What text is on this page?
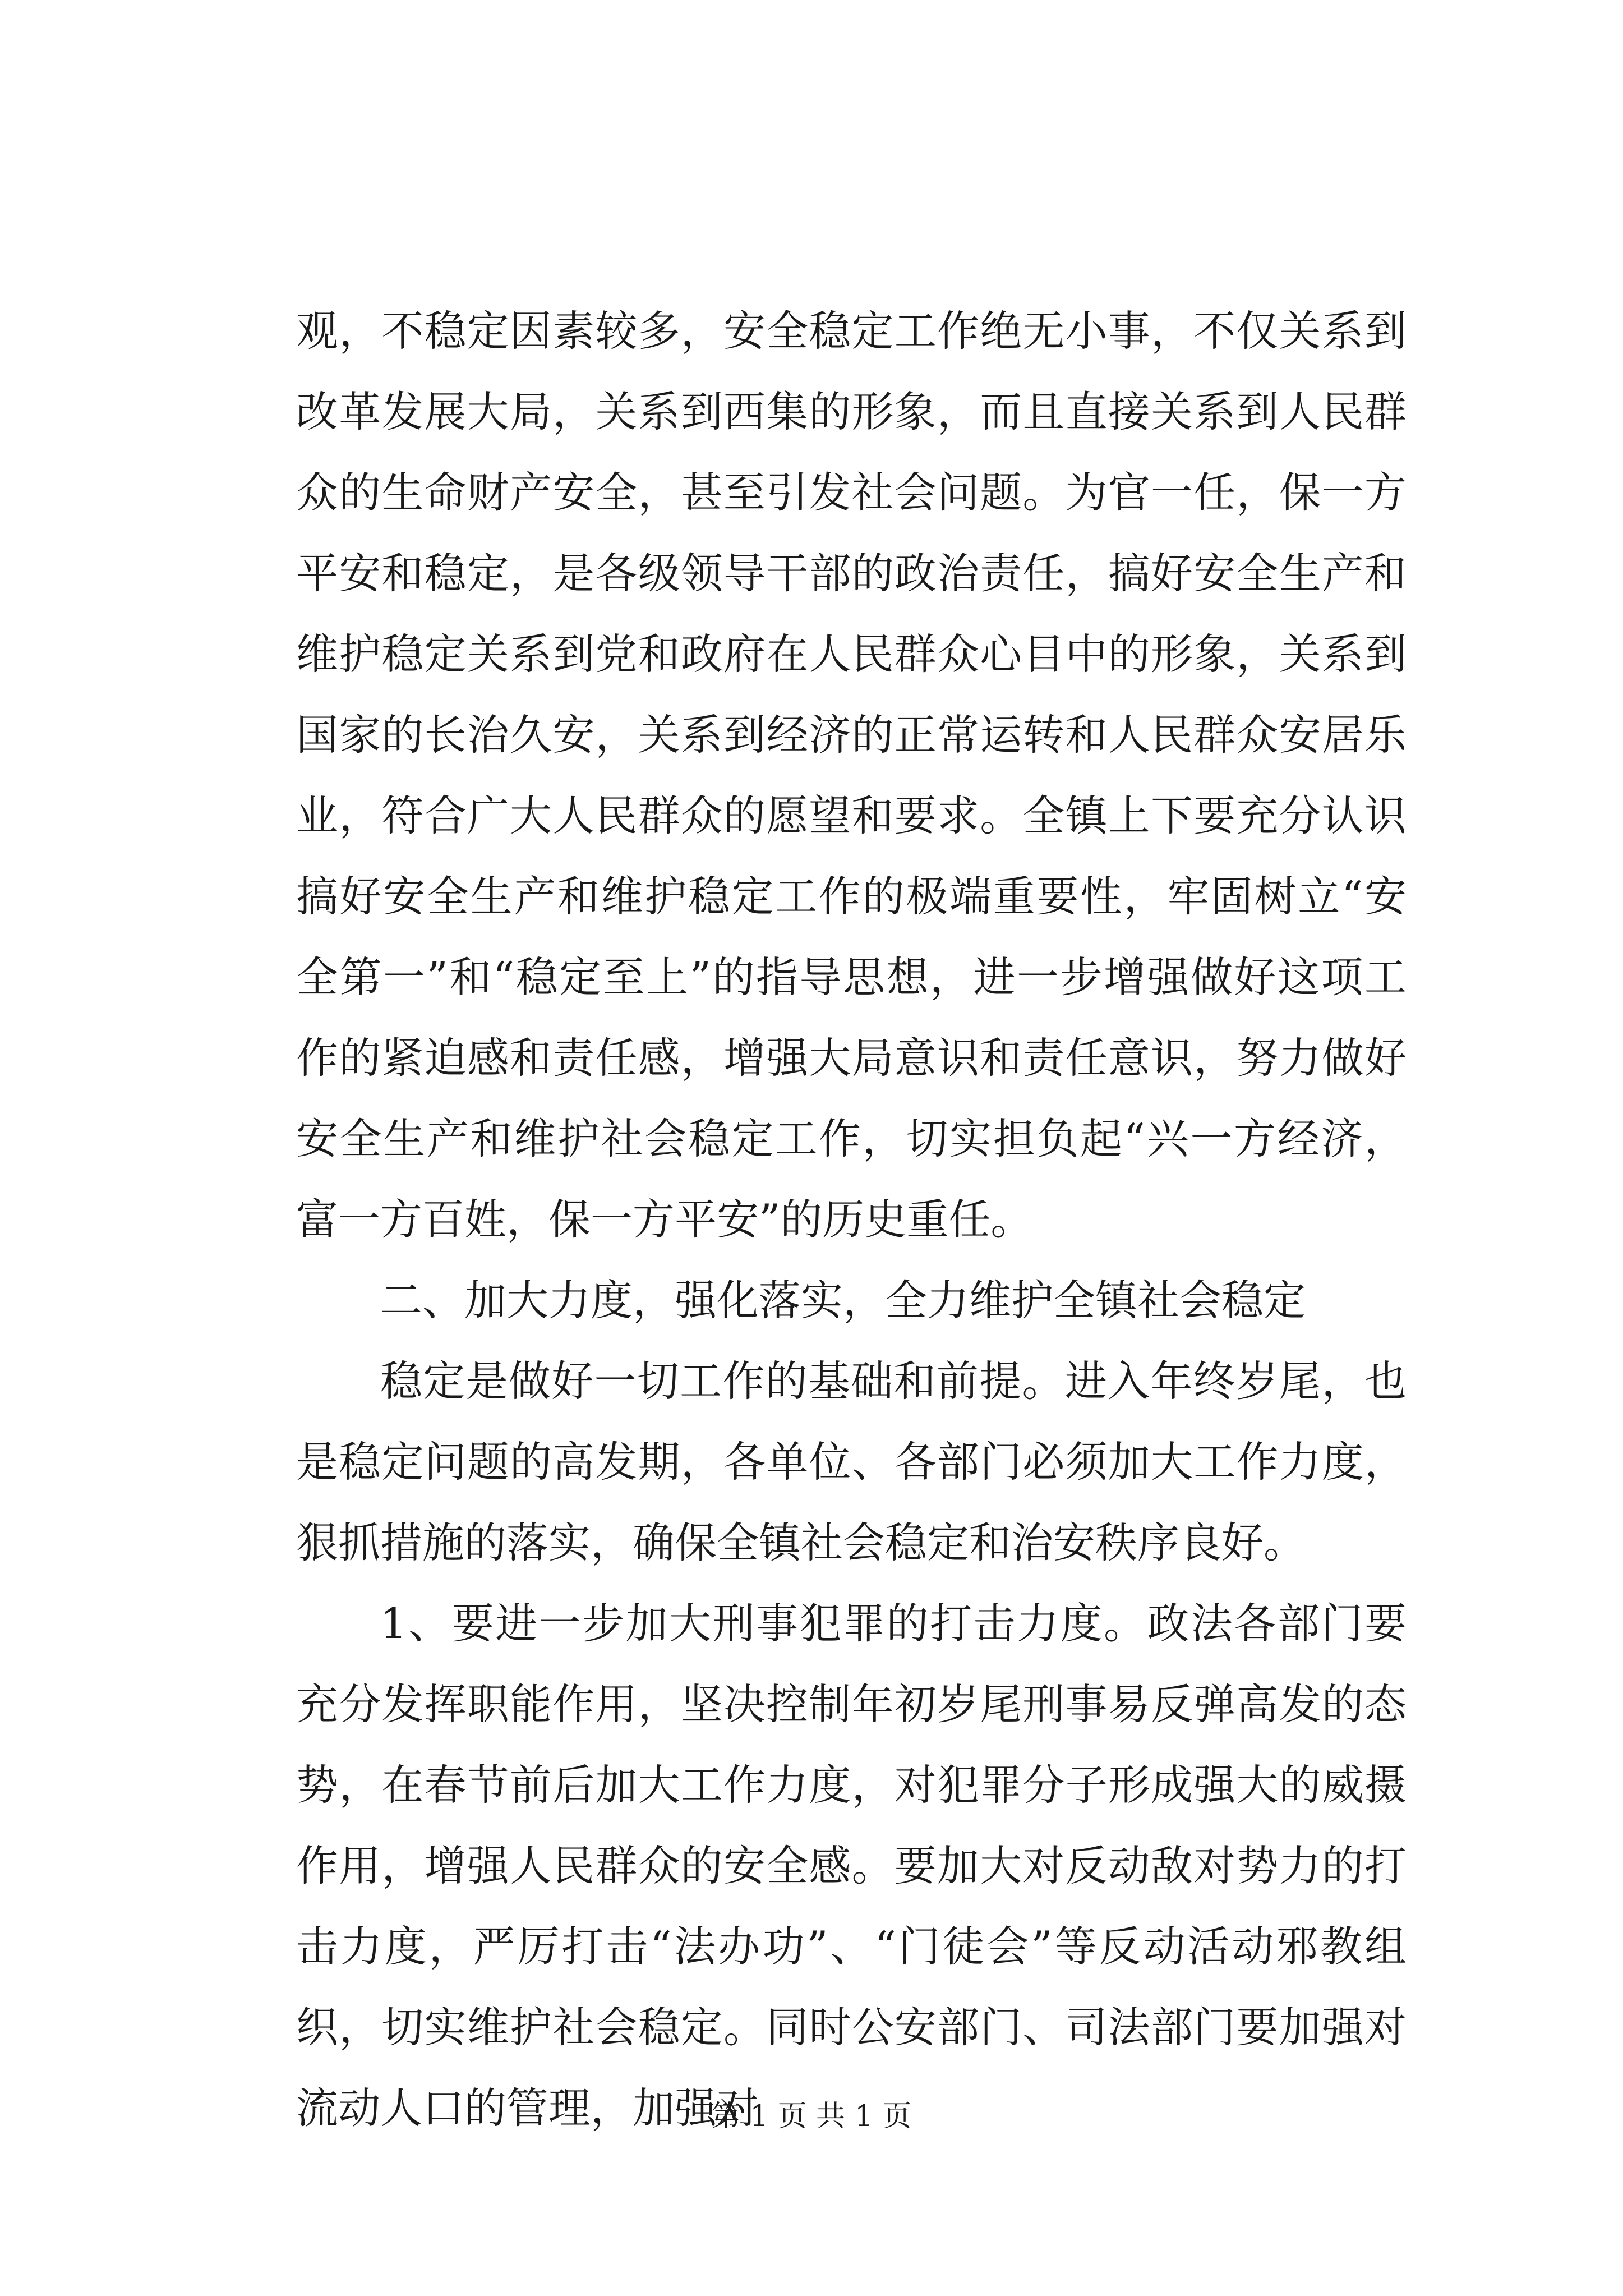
观，不稳定因素较多，安全稳定工作绝无小事，不仅关系到改革发展大局，关系到西集的形象，而且直接关系到人民群众的生命财产安全，甚至引发社会问题。为官一任，保一方平安和稳定，是各级领导干部的政治责任，搞好安全生产和维护稳定关系到党和政府在人民群众心目中的形象，关系到国家的长治久安，关系到经济的正常运转和人民群众安居乐业，符合广大人民群众的愿望和要求。全镇上下要充分认识搞好安全生产和维护稳定工作的极端重要性，牢固树立“安全第一”和“稳定至上”的指导思想，进一步增强做好这项工作的紧迫感和责任感，增强大局意识和责任意识，努力做好安全生产和维护社会稳定工作，切实担负起“兴一方经济，富一方百姓，保一方平安”的历史重任。

二、加大力度，强化落实，全力维护全镇社会稳定

稳定是做好一切工作的基础和前提。进入年终岁尾，也是稳定问题的高发期，各单位、各部门必须加大工作力度，狠抓措施的落实，确保全镇社会稳定和治安秩序良好。

1、要进一步加大刑事犯罪的打击力度。政法各部门要充分发挥职能作用，坚决控制年初岁尾刑事易反弹高发的态势，在春节前后加大工作力度，对犯罪分子形成强大的威摄作用，增强人民群众的安全感。要加大对反动敌对势力的打击力度，严厉打击“法办功”、“门徒会”等反动活动邪教组织，切实维护社会稳定。同时公安部门、司法部门要加强对流动人口的管理，加强对

第 1 页 共 1 页
